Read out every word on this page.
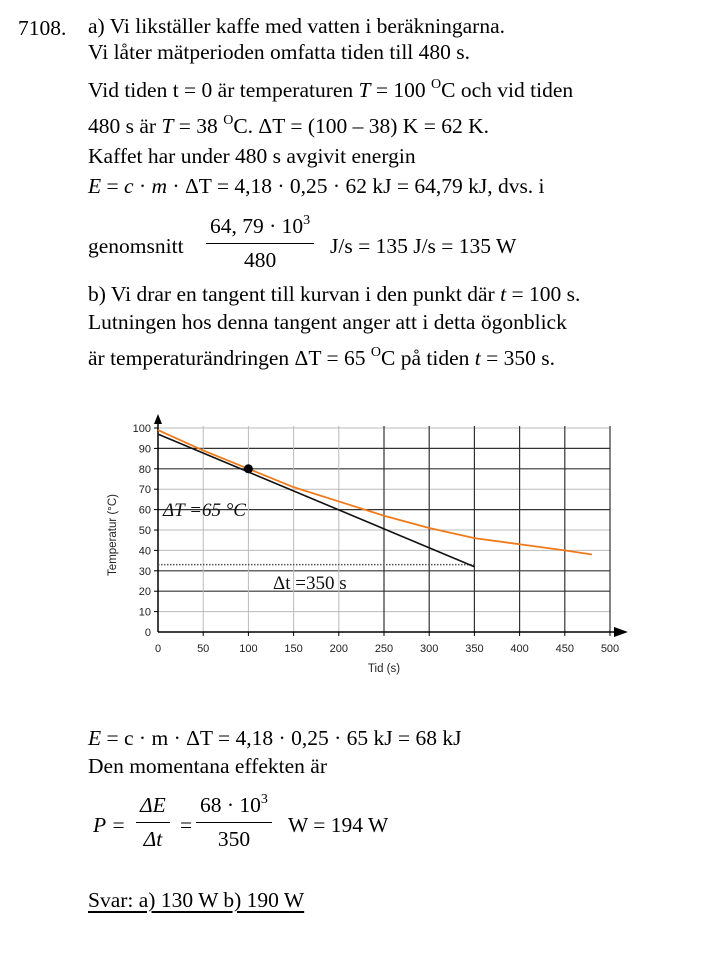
7108. a) Vi likställer kaffe med vatten i beräkningarna.
Vi låter mätperioden omfatta tiden till 480 s.
Vid tiden t = 0 är temperaturen T = 100 $^O$C och vid tiden
480 s är T = 38 $^O$C. ΔT = (100 – 38) K = 62 K.
Kaffet har under 480 s avgivit energin
E = c · m · ΔT = 4,18 · 0,25 · 62 kJ = 64,79 kJ, dvs. i
genomsnitt $\frac{64, 79 \cdot 10^3}{480} J/s = 135$ J/s = 135 W
b) Vi drar en tangent till kurvan i den punkt där t = 100 s.
Lutningen hos denna tangent anger att i detta ögonblick
är temperaturändringen ΔT = 65 $^O$C på tiden t = 350 s.
0
10
20
30
40
50
60
70
80
90
100
0	50	100 150 200 250 300 350 400 450 500
Temperatur (°C)
Tid (s)
ΔT =65 °C
Δt =350 s
E = c · m · ΔT = 4,18 · 0,25 · 65 kJ = 68 kJ
Den momentana effekten är
$P = \frac{\Delta E}{\Delta t} = \frac{68 \cdot 10^3}{350}$ W = 194 W
Svar: a) 130 W b) 190 W
